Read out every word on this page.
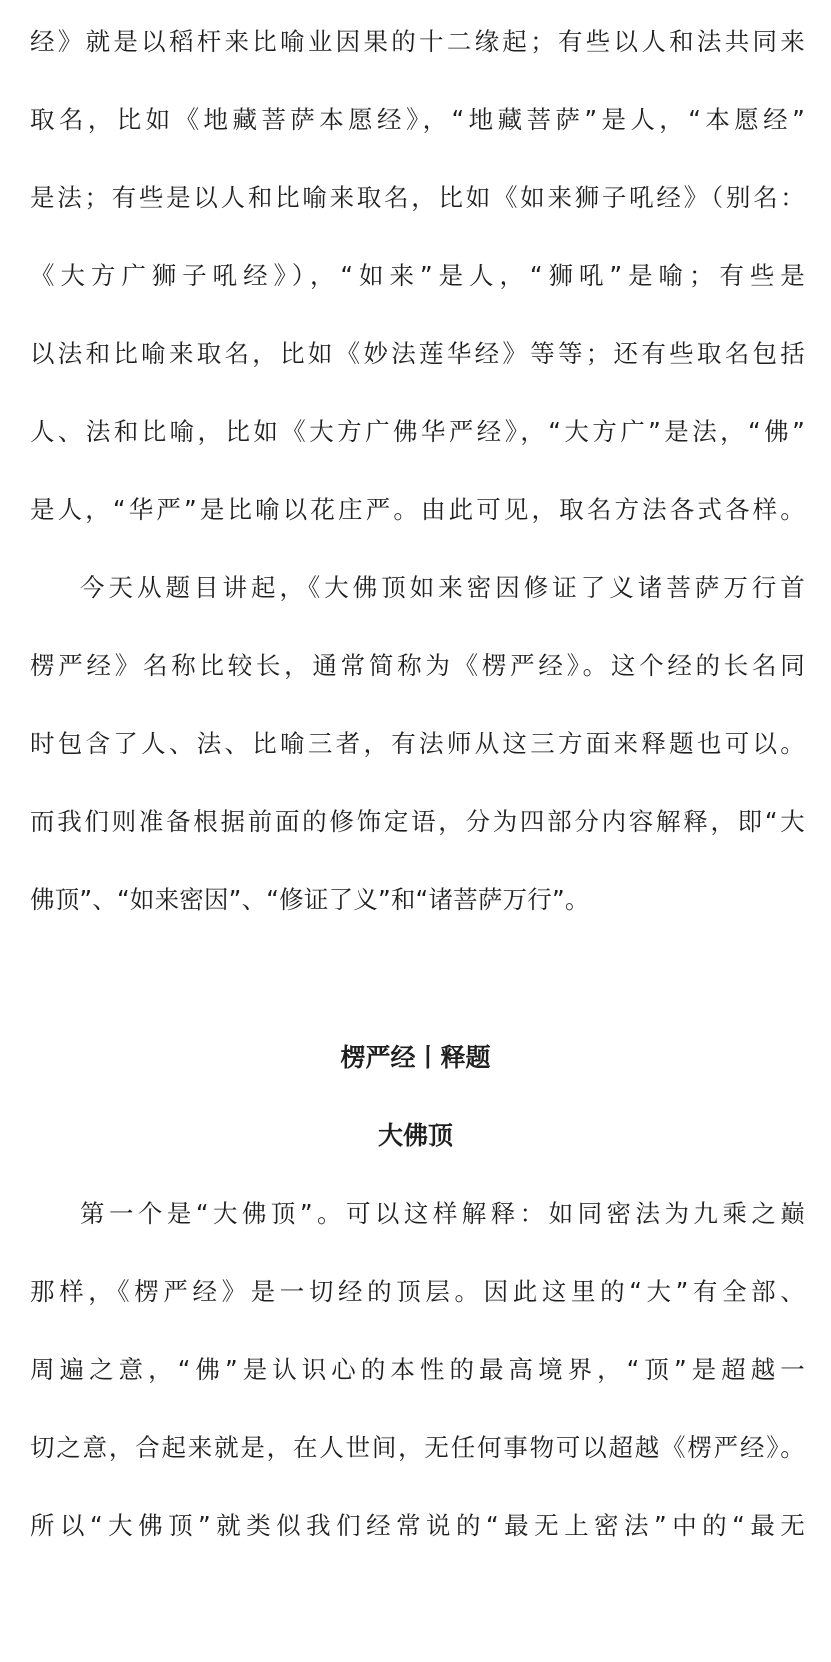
经》就是以稻杆来比喻业因果的十二缘起；有些以人和法共同来
取名，比如《地藏菩萨本愿经》，“地藏菩萨”是人，“本愿经”
是法；有些是以人和比喻来取名，比如《如来狮子吼经》（别名：
《大方广狮子吼经》），“如来”是人，“狮吼”是喻；有些是
以法和比喻来取名，比如《妙法莲华经》等等；还有些取名包括
人、法和比喻，比如《大方广佛华严经》，“大方广”是法，“佛”
是人，“华严”是比喻以花庄严。由此可见，取名方法各式各样。
今天从题目讲起，《大佛顶如来密因修证了义诸菩萨万行首
楞严经》名称比较长，通常简称为《楞严经》。这个经的长名同
时包含了人、法、比喻三者，有法师从这三方面来释题也可以。
而我们则准备根据前面的修饰定语，分为四部分内容解释，即“大
佛顶”、“如来密因”、“修证了义”和“诸菩萨万行”。
楞严经丨释题
大佛顶
第一个是“大佛顶”。可以这样解释：如同密法为九乘之巅
那样，《楞严经》是一切经的顶层。因此这里的“大”有全部、
周遍之意，“佛”是认识心的本性的最高境界，“顶”是超越一
切之意，合起来就是，在人世间，无任何事物可以超越《楞严经》。
所以“大佛顶”就类似我们经常说的“最无上密法”中的“最无
